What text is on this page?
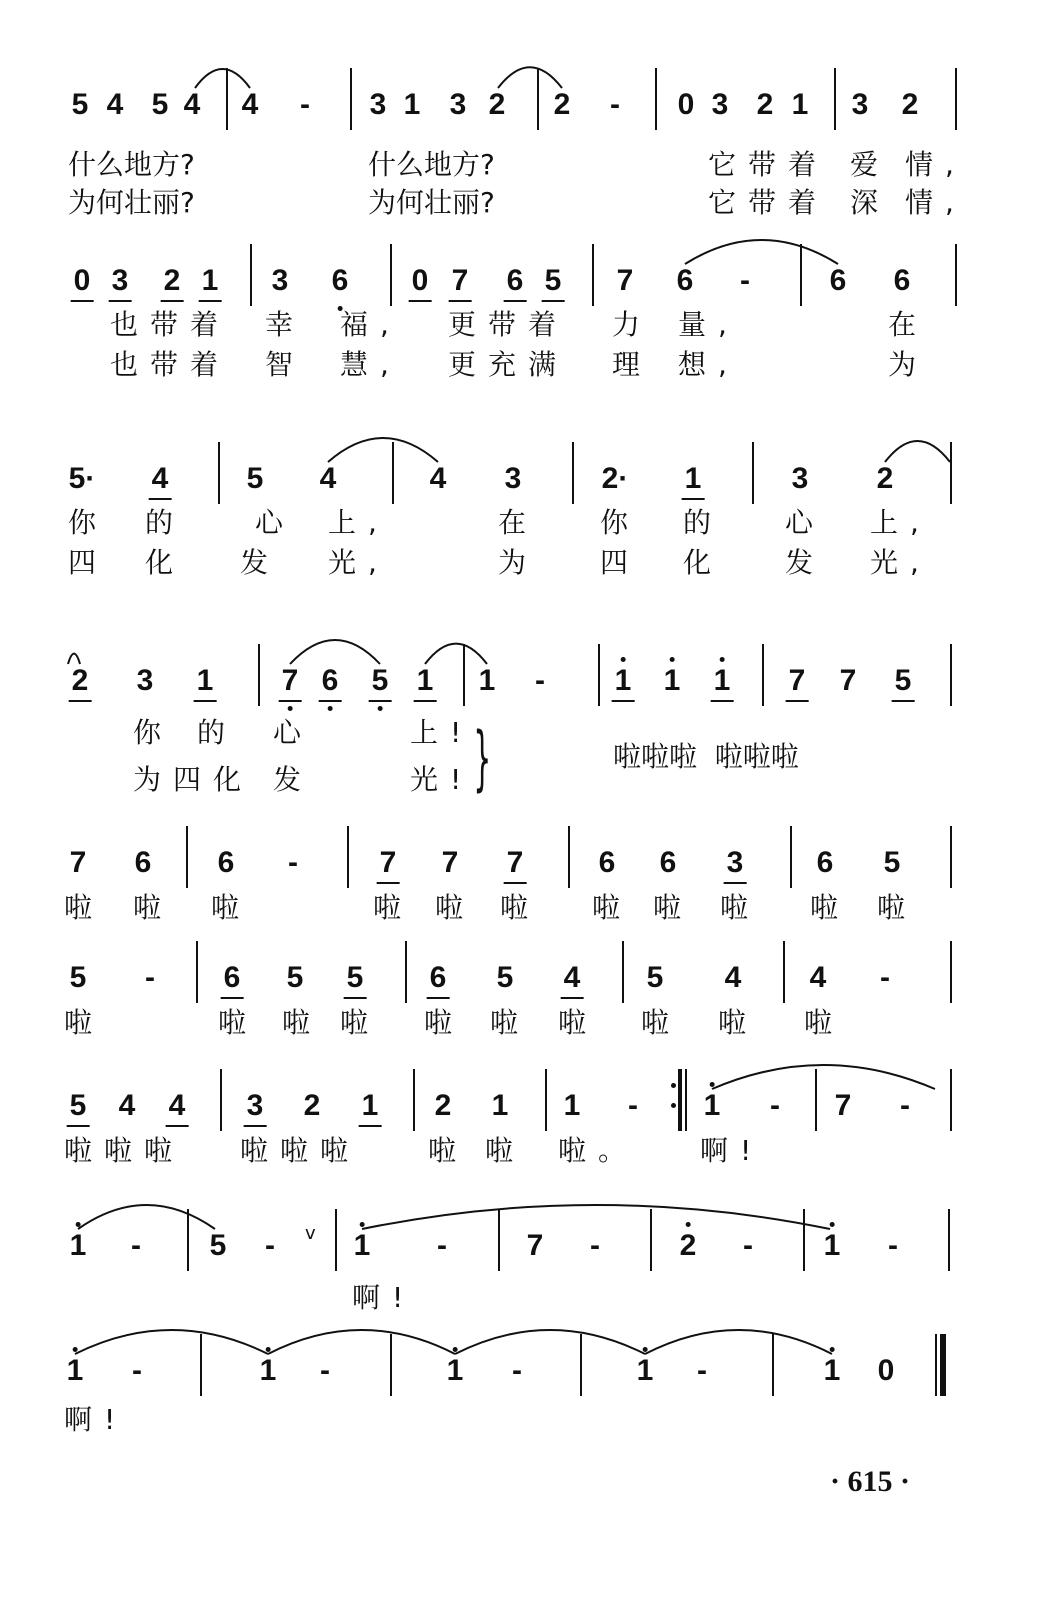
5 4 5 4 4 - 3 1 3 2 2 - 0 3 2 1 3 2
什么地方?	什么地方?	它带着 爱 情,
为何壮丽?	为何壮丽?	它带着 深 情,
0 3 2 1 3 6 0 7 6 5 7 6 -	6 6
也带着 幸 福, 更带着 力 量,	在
也带着 智 慧, 更充满 理 想,	为
5· 4	5 4	4 3	2· 1	3 2
你 的	心 上,	在	你 的	心 上,
四 化 发 光,	为	四 化	发 光,
2 3 1 7 6 5 1 1 - 1 1 1 7 7 5
}
你 的 心	上!
为四化 发	光!
啦啦啦  啦啦啦
7 6 6 -	7 7 7	6 6 3 6 5
啦 啦 啦	啦 啦 啦 啦 啦 啦 啦 啦
5 - 6 5 5 6 5 4 5 4 4 -
啦	啦 啦 啦 啦 啦 啦 啦 啦 啦
5 4 4 3 2 1 2 1 1 - 1 - 7 -
啦啦啦 啦啦啦 啦 啦 啦。 啊!
1 - 5 -	1 -	7 -	2 - 1 -
v
啊!
1 -	1 -	1 -	1 -	1 0
啊!
· 615 ·
